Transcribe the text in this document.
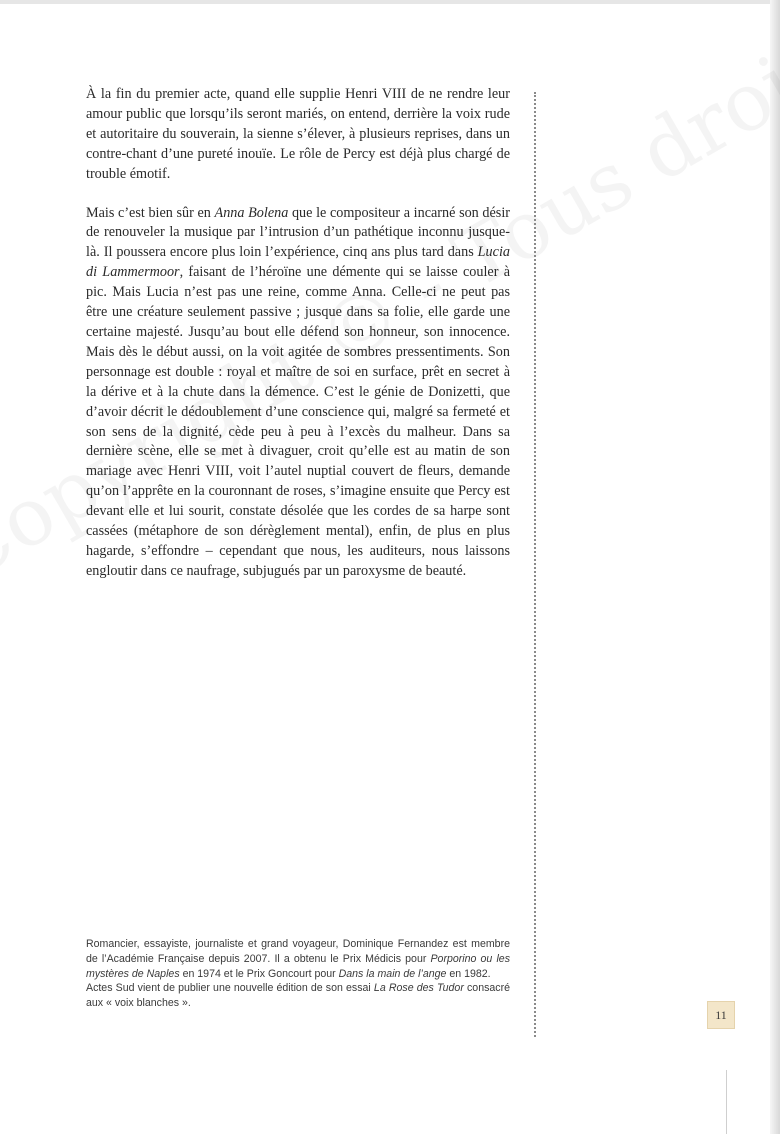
À la fin du premier acte, quand elle supplie Henri VIII de ne rendre leur amour public que lorsqu’ils seront mariés, on entend, derrière la voix rude et autoritaire du souverain, la sienne s’élever, à plusieurs reprises, dans un contre-chant d’une pureté inouïe. Le rôle de Percy est déjà plus chargé de trouble émotif.

Mais c’est bien sûr en Anna Bolena que le compositeur a incarné son désir de renouveler la musique par l’intrusion d’un pathétique inconnu jusque-là. Il poussera encore plus loin l’expérience, cinq ans plus tard dans Lucia di Lammermoor, faisant de l’héroïne une démente qui se laisse couler à pic. Mais Lucia n’est pas une reine, comme Anna. Celle-ci ne peut pas être une créature seulement passive ; jusque dans sa folie, elle garde une certaine majesté. Jusqu’au bout elle défend son honneur, son innocence. Mais dès le début aussi, on la voit agitée de sombres pressentiments. Son personnage est double : royal et maître de soi en surface, prêt en secret à la dérive et à la chute dans la démence. C’est le génie de Donizetti, que d’avoir décrit le dédoublement d’une conscience qui, malgré sa fermeté et son sens de la dignité, cède peu à peu à l’excès du malheur. Dans sa dernière scène, elle se met à divaguer, croit qu’elle est au matin de son mariage avec Henri VIII, voit l’autel nuptial couvert de fleurs, demande qu’on l’apprête en la couronnant de roses, s’imagine ensuite que Percy est devant elle et lui sourit, constate désolée que les cordes de sa harpe sont cassées (métaphore de son dérèglement mental), enfin, de plus en plus hagarde, s’effondre – cependant que nous, les auditeurs, nous laissons engloutir dans ce naufrage, subjugués par un paroxysme de beauté.

Romancier, essayiste, journaliste et grand voyageur, Dominique Fernandez est membre de l’Académie Française depuis 2007. Il a obtenu le Prix Médicis pour Porporino ou les mystères de Naples en 1974 et le Prix Goncourt pour Dans la main de l’ange en 1982.

Actes Sud vient de publier une nouvelle édition de son essai La Rose des Tudor consacré aux « voix blanches ».

11
